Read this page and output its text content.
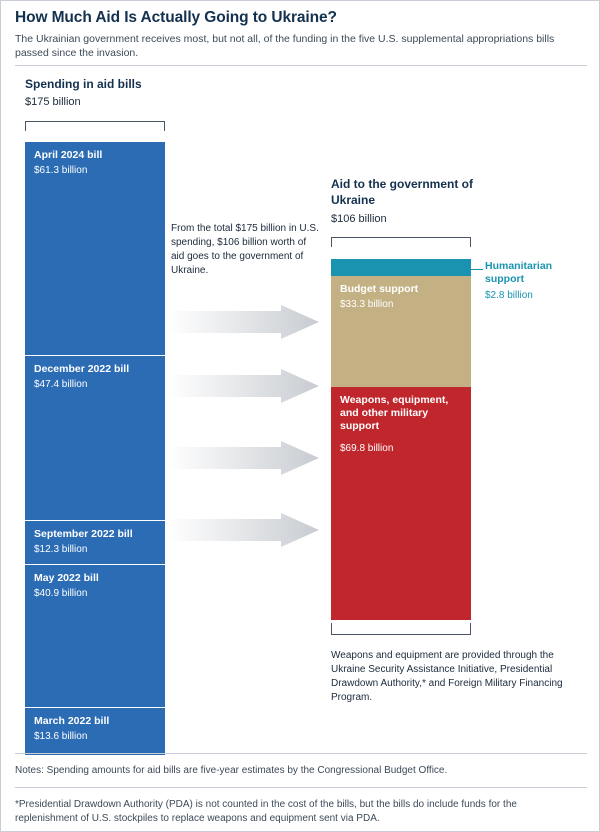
How Much Aid Is Actually Going to Ukraine?
The Ukrainian government receives most, but not all, of the funding in the five U.S. supplemental appropriations bills passed since the invasion.
Spending in aid bills
$175 billion
April 2024 bill
$61.3 billion
December 2022 bill
$47.4 billion
September 2022 bill
$12.3 billion
May 2022 bill
$40.9 billion
March 2022 bill
$13.6 billion
From the total $175 billion in U.S. spending, $106 billion worth of aid goes to the government of Ukraine.
Aid to the government of Ukraine
$106 billion
Budget support
$33.3 billion
Weapons, equipment, and other military support
$69.8 billion
Humanitarian support
$2.8 billion
Weapons and equipment are provided through the Ukraine Security Assistance Initiative, Presidential Drawdown Authority,* and Foreign Military Financing Program.
Notes: Spending amounts for aid bills are five-year estimates by the Congressional Budget Office.
*Presidential Drawdown Authority (PDA) is not counted in the cost of the bills, but the bills do include funds for the replenishment of U.S. stockpiles to replace weapons and equipment sent via PDA.
